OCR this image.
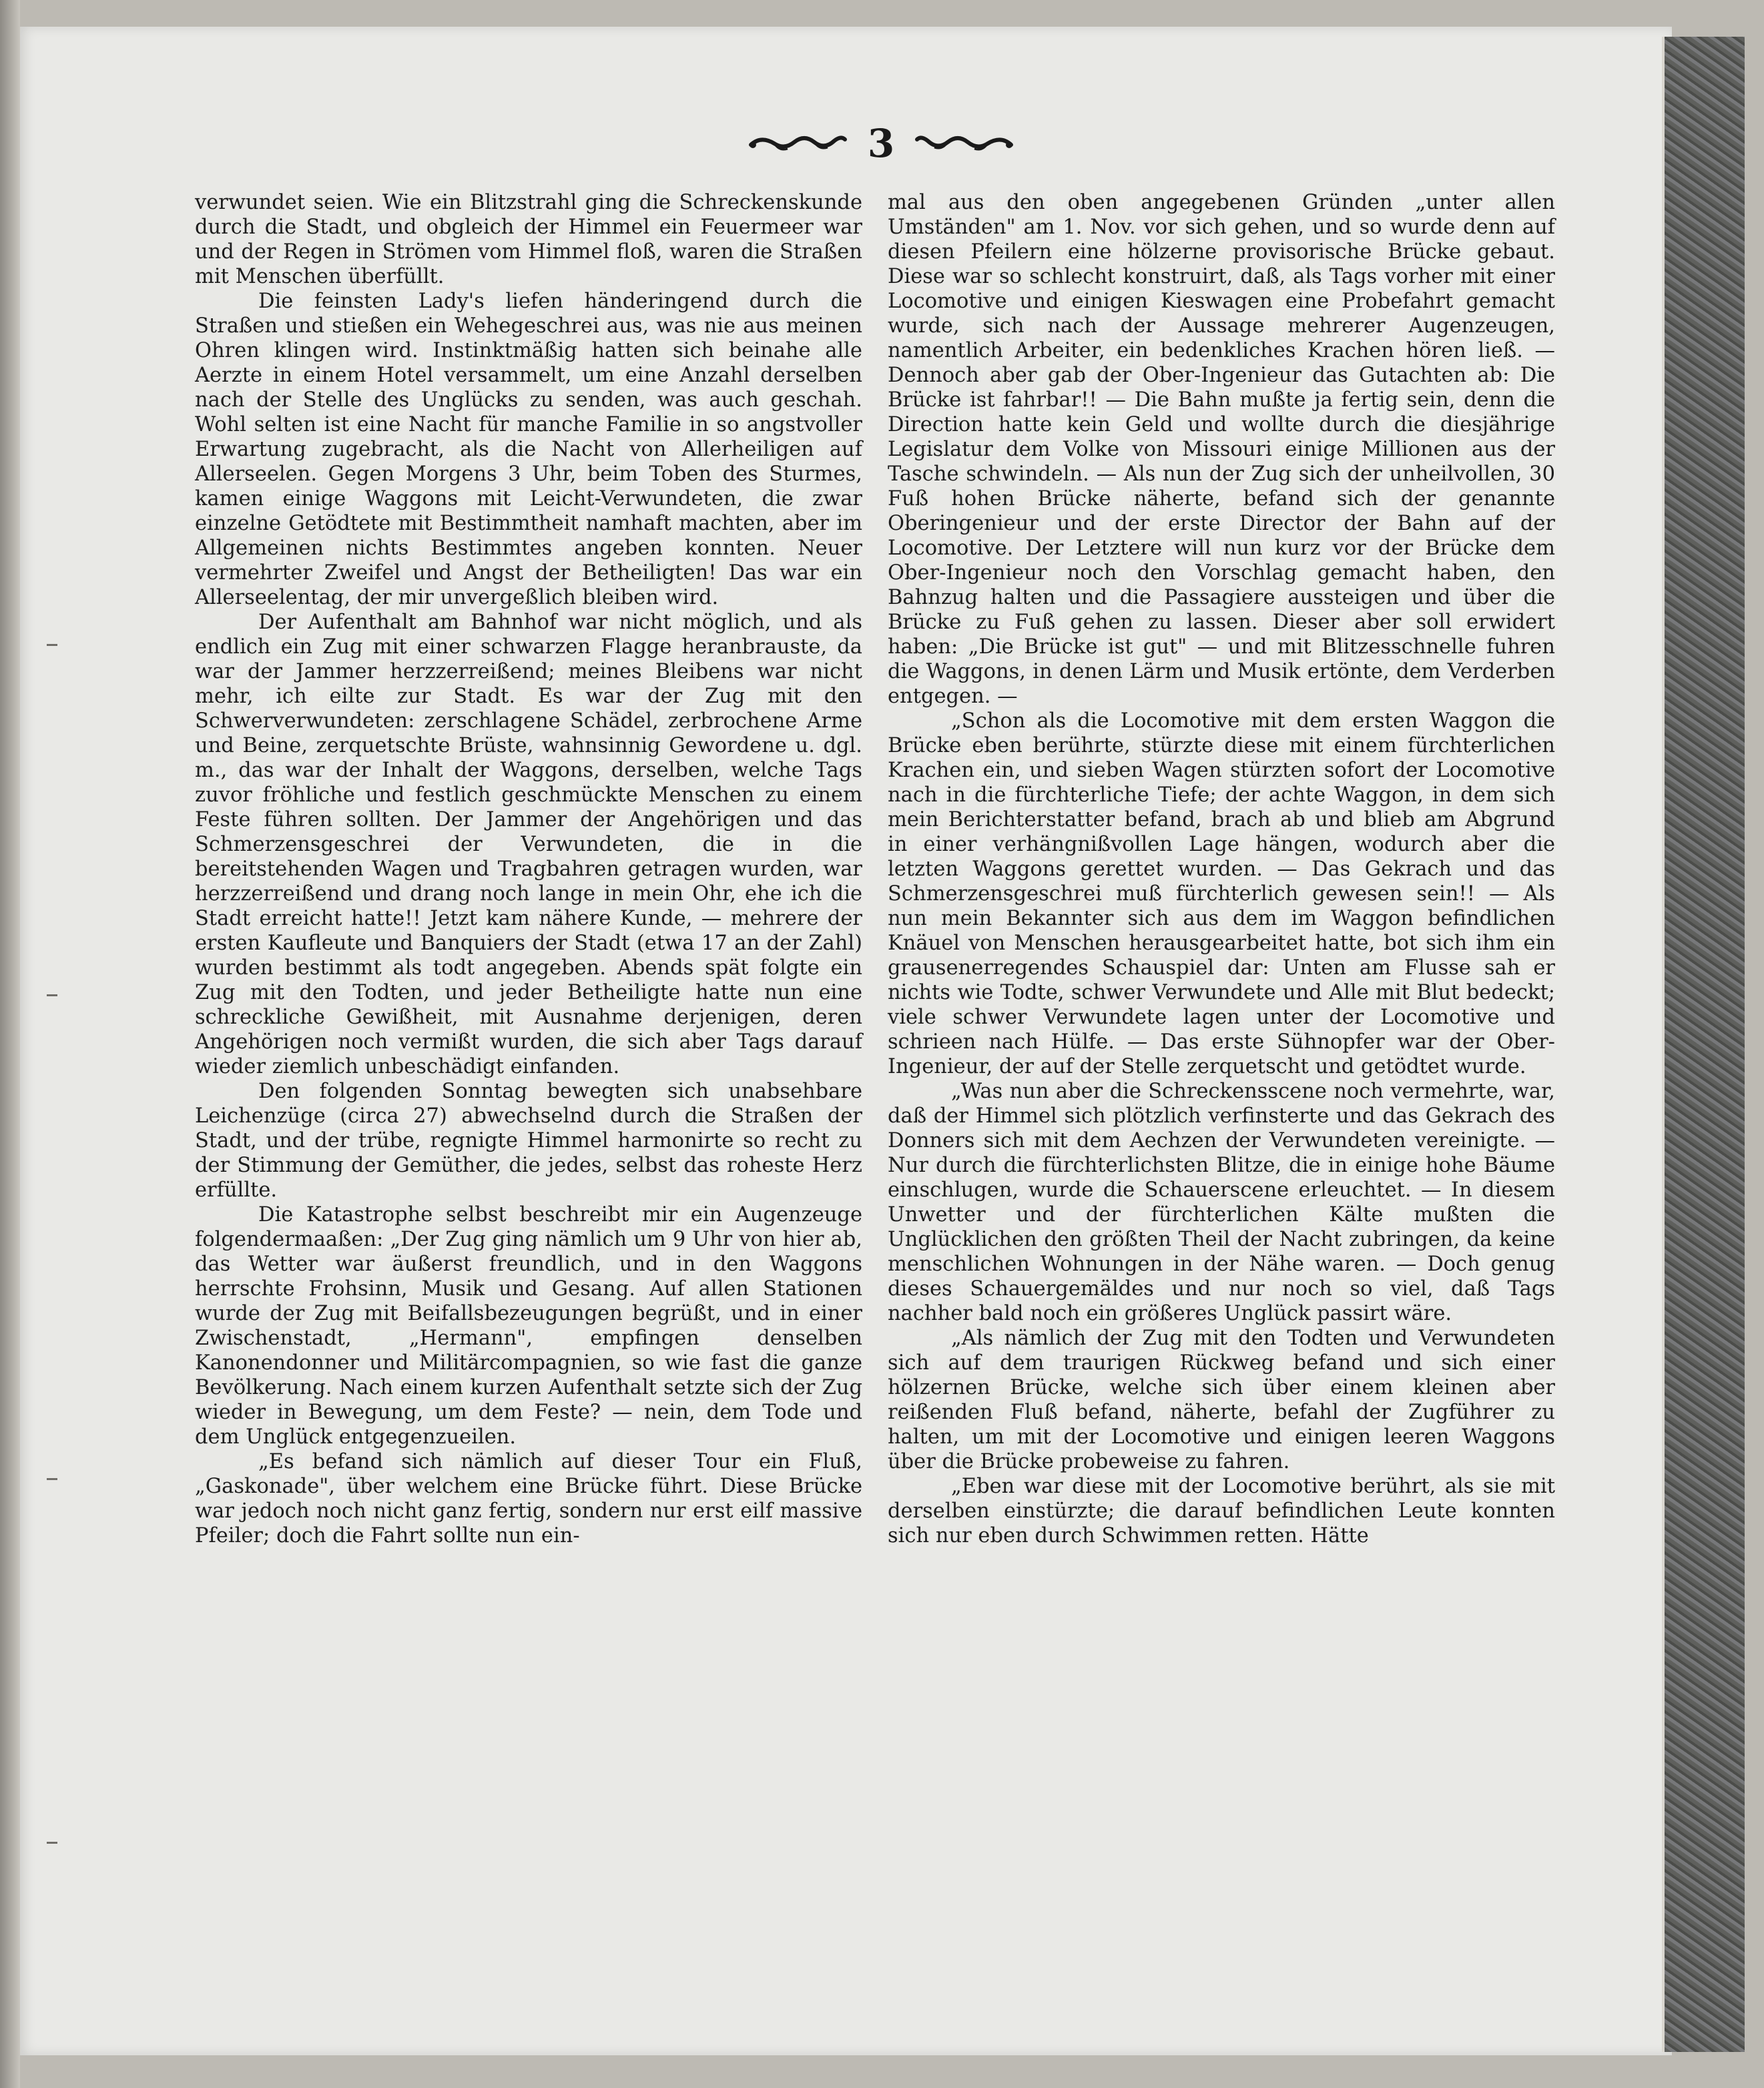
3

verwundet seien. Wie ein Blitzstrahl ging die Schreckenskunde durch die Stadt, und obgleich der Himmel ein Feuermeer war und der Regen in Strömen vom Himmel floß, waren die Straßen mit Menschen überfüllt.

Die feinsten Lady's liefen händeringend durch die Straßen und stießen ein Wehegeschrei aus, was nie aus meinen Ohren klingen wird. Instinktmäßig hatten sich beinahe alle Aerzte in einem Hotel versammelt, um eine Anzahl derselben nach der Stelle des Unglücks zu senden, was auch geschah. Wohl selten ist eine Nacht für manche Familie in so angstvoller Erwartung zugebracht, als die Nacht von Allerheiligen auf Allerseelen. Gegen Morgens 3 Uhr, beim Toben des Sturmes, kamen einige Waggons mit Leicht-Verwundeten, die zwar einzelne Getödtete mit Bestimmtheit namhaft machten, aber im Allgemeinen nichts Bestimmtes angeben konnten. Neuer vermehrter Zweifel und Angst der Betheiligten! Das war ein Allerseelentag, der mir unvergeßlich bleiben wird.

Der Aufenthalt am Bahnhof war nicht möglich, und als endlich ein Zug mit einer schwarzen Flagge heranbrauste, da war der Jammer herzzerreißend; meines Bleibens war nicht mehr, ich eilte zur Stadt. Es war der Zug mit den Schwerverwundeten: zerschlagene Schädel, zerbrochene Arme und Beine, zerquetschte Brüste, wahnsinnig Gewordene u. dgl. m., das war der Inhalt der Waggons, derselben, welche Tags zuvor fröhliche und festlich geschmückte Menschen zu einem Feste führen sollten. Der Jammer der Angehörigen und das Schmerzensgeschrei der Verwundeten, die in die bereitstehenden Wagen und Tragbahren getragen wurden, war herzzerreißend und drang noch lange in mein Ohr, ehe ich die Stadt erreicht hatte!! Jetzt kam nähere Kunde, — mehrere der ersten Kaufleute und Banquiers der Stadt (etwa 17 an der Zahl) wurden bestimmt als todt angegeben. Abends spät folgte ein Zug mit den Todten, und jeder Betheiligte hatte nun eine schreckliche Gewißheit, mit Ausnahme derjenigen, deren Angehörigen noch vermißt wurden, die sich aber Tags darauf wieder ziemlich unbeschädigt einfanden.

Den folgenden Sonntag bewegten sich unabsehbare Leichenzüge (circa 27) abwechselnd durch die Straßen der Stadt, und der trübe, regnigte Himmel harmonirte so recht zu der Stimmung der Gemüther, die jedes, selbst das roheste Herz erfüllte.

Die Katastrophe selbst beschreibt mir ein Augenzeuge folgendermaaßen: „Der Zug ging nämlich um 9 Uhr von hier ab, das Wetter war äußerst freundlich, und in den Waggons herrschte Frohsinn, Musik und Gesang. Auf allen Stationen wurde der Zug mit Beifallsbezeugungen begrüßt, und in einer Zwischenstadt, „Hermann", empfingen denselben Kanonendonner und Militärcompagnien, so wie fast die ganze Bevölkerung. Nach einem kurzen Aufenthalt setzte sich der Zug wieder in Bewegung, um dem Feste? — nein, dem Tode und dem Unglück entgegenzueilen.

„Es befand sich nämlich auf dieser Tour ein Fluß, „Gaskonade", über welchem eine Brücke führt. Diese Brücke war jedoch noch nicht ganz fertig, sondern nur erst eilf massive Pfeiler; doch die Fahrt sollte nun ein-

mal aus den oben angegebenen Gründen „unter allen Umständen" am 1. Nov. vor sich gehen, und so wurde denn auf diesen Pfeilern eine hölzerne provisorische Brücke gebaut. Diese war so schlecht konstruirt, daß, als Tags vorher mit einer Locomotive und einigen Kieswagen eine Probefahrt gemacht wurde, sich nach der Aussage mehrerer Augenzeugen, namentlich Arbeiter, ein bedenkliches Krachen hören ließ. — Dennoch aber gab der Ober-Ingenieur das Gutachten ab: Die Brücke ist fahrbar!! — Die Bahn mußte ja fertig sein, denn die Direction hatte kein Geld und wollte durch die diesjährige Legislatur dem Volke von Missouri einige Millionen aus der Tasche schwindeln. — Als nun der Zug sich der unheilvollen, 30 Fuß hohen Brücke näherte, befand sich der genannte Oberingenieur und der erste Director der Bahn auf der Locomotive. Der Letztere will nun kurz vor der Brücke dem Ober-Ingenieur noch den Vorschlag gemacht haben, den Bahnzug halten und die Passagiere aussteigen und über die Brücke zu Fuß gehen zu lassen. Dieser aber soll erwidert haben: „Die Brücke ist gut" — und mit Blitzesschnelle fuhren die Waggons, in denen Lärm und Musik ertönte, dem Verderben entgegen. —

„Schon als die Locomotive mit dem ersten Waggon die Brücke eben berührte, stürzte diese mit einem fürchterlichen Krachen ein, und sieben Wagen stürzten sofort der Locomotive nach in die fürchterliche Tiefe; der achte Waggon, in dem sich mein Berichterstatter befand, brach ab und blieb am Abgrund in einer verhängnißvollen Lage hängen, wodurch aber die letzten Waggons gerettet wurden. — Das Gekrach und das Schmerzensgeschrei muß fürchterlich gewesen sein!! — Als nun mein Bekannter sich aus dem im Waggon befindlichen Knäuel von Menschen herausgearbeitet hatte, bot sich ihm ein grausenerregendes Schauspiel dar: Unten am Flusse sah er nichts wie Todte, schwer Verwundete und Alle mit Blut bedeckt; viele schwer Verwundete lagen unter der Locomotive und schrieen nach Hülfe. — Das erste Sühnopfer war der Ober-Ingenieur, der auf der Stelle zerquetscht und getödtet wurde.

„Was nun aber die Schreckensscene noch vermehrte, war, daß der Himmel sich plötzlich verfinsterte und das Gekrach des Donners sich mit dem Aechzen der Verwundeten vereinigte. — Nur durch die fürchterlichsten Blitze, die in einige hohe Bäume einschlugen, wurde die Schauerscene erleuchtet. — In diesem Unwetter und der fürchterlichen Kälte mußten die Unglücklichen den größten Theil der Nacht zubringen, da keine menschlichen Wohnungen in der Nähe waren. — Doch genug dieses Schauergemäldes und nur noch so viel, daß Tags nachher bald noch ein größeres Unglück passirt wäre.

„Als nämlich der Zug mit den Todten und Verwundeten sich auf dem traurigen Rückweg befand und sich einer hölzernen Brücke, welche sich über einem kleinen aber reißenden Fluß befand, näherte, befahl der Zugführer zu halten, um mit der Locomotive und einigen leeren Waggons über die Brücke probeweise zu fahren.

„Eben war diese mit der Locomotive berührt, als sie mit derselben einstürzte; die darauf befindlichen Leute konnten sich nur eben durch Schwimmen retten. Hätte
